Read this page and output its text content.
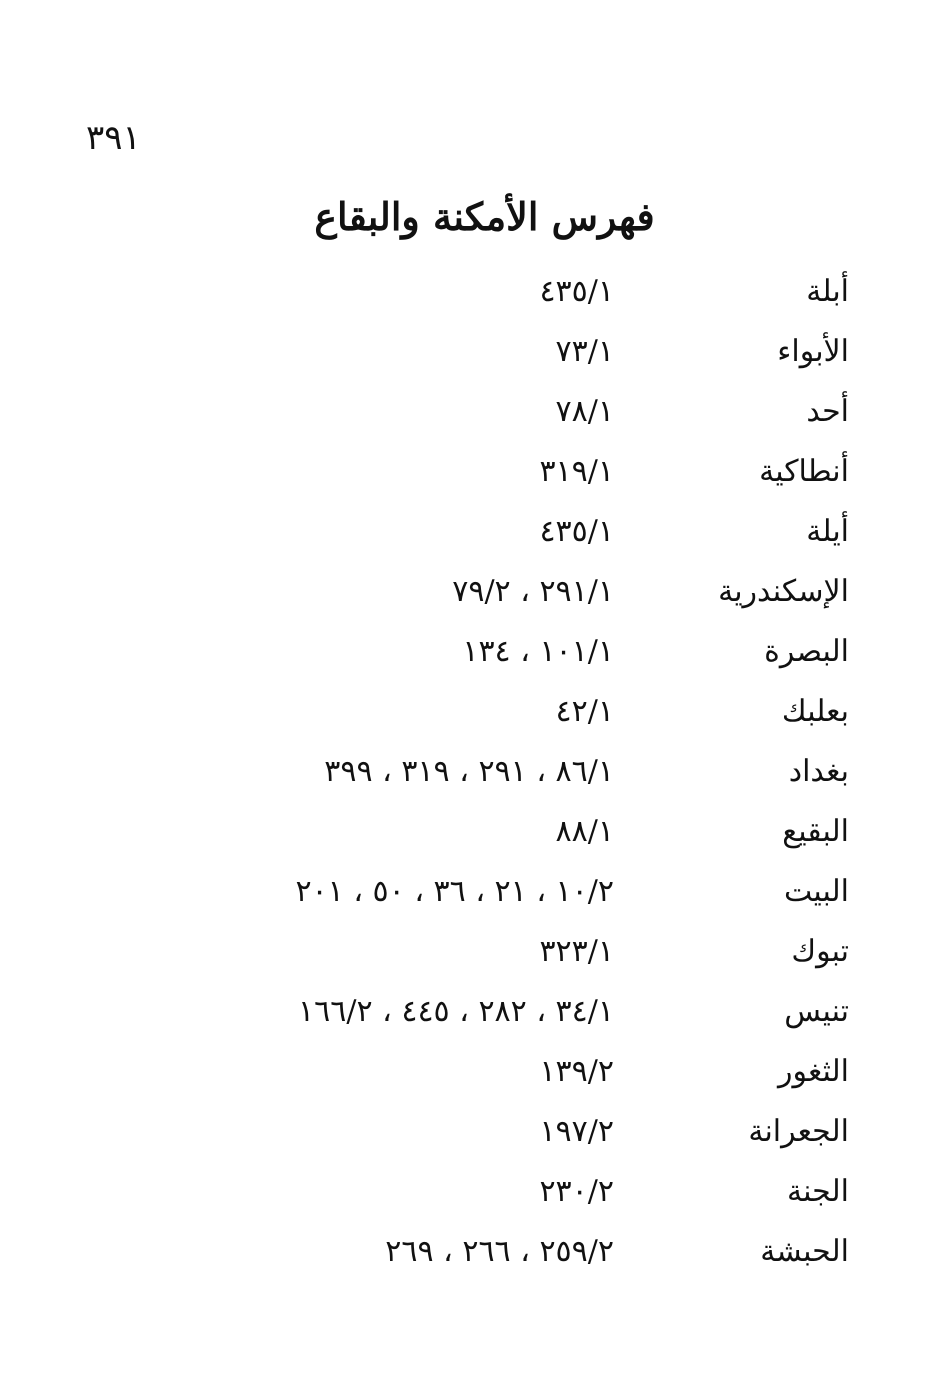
٣٩١
فهرس الأمكنة والبقاع
أبلة
٤٣٥/١
الأبواء
٧٣/١
أحد
٧٨/١
أنطاكية
٣١٩/١
أيلة
٤٣٥/١
الإسكندرية
٢٩١/١ ، ٧٩/٢
البصرة
١٠١/١ ، ١٣٤
بعلبك
٤٢/١
بغداد
٨٦/١ ، ٢٩١ ، ٣١٩ ، ٣٩٩
البقيع
٨٨/١
البيت
١٠/٢ ، ٢١ ، ٣٦ ، ٥٠ ، ٢٠١
تبوك
٣٢٣/١
تنيس
٣٤/١ ، ٢٨٢ ، ٤٤٥ ، ١٦٦/٢
الثغور
١٣٩/٢
الجعرانة
١٩٧/٢
الجنة
٢٣٠/٢
الحبشة
٢٥٩/٢ ، ٢٦٦ ، ٢٦٩
